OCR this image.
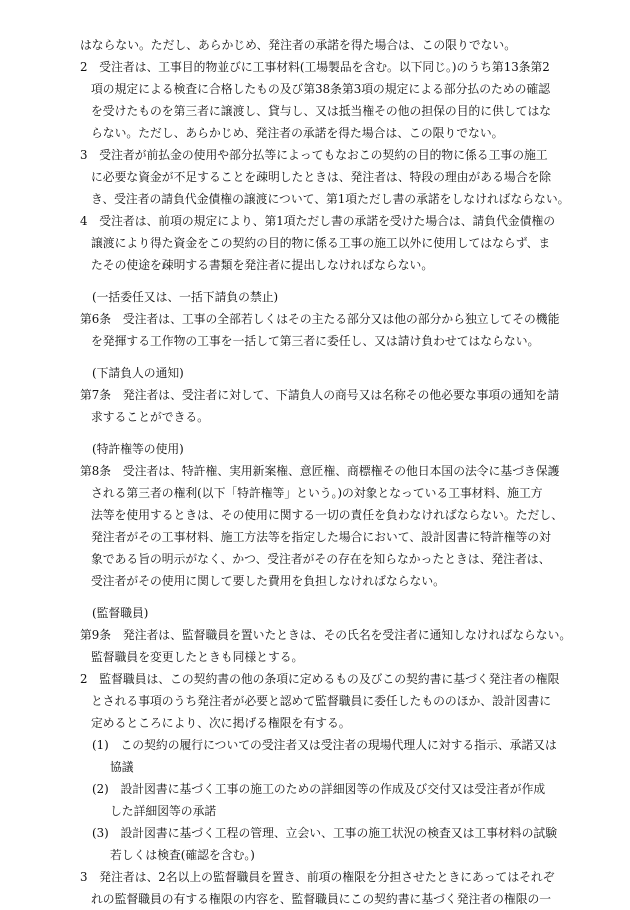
はならない。ただし、あらかじめ、発注者の承諾を得た場合は、この限りでない。
2　受注者は、工事目的物並びに工事材料(工場製品を含む。以下同じ。)のうち第13条第2
項の規定による検査に合格したもの及び第38条第3項の規定による部分払のための確認
を受けたものを第三者に譲渡し、貸与し、又は抵当権その他の担保の目的に供してはな
らない。ただし、あらかじめ、発注者の承諾を得た場合は、この限りでない。
3　受注者が前払金の使用や部分払等によってもなおこの契約の目的物に係る工事の施工
に必要な資金が不足することを疎明したときは、発注者は、特段の理由がある場合を除
き、受注者の請負代金債権の譲渡について、第1項ただし書の承諾をしなければならない。
4　受注者は、前項の規定により、第1項ただし書の承諾を受けた場合は、請負代金債権の
譲渡により得た資金をこの契約の目的物に係る工事の施工以外に使用してはならず、ま
たその使途を疎明する書類を発注者に提出しなければならない。
(一括委任又は、一括下請負の禁止)
第6条　受注者は、工事の全部若しくはその主たる部分又は他の部分から独立してその機能
を発揮する工作物の工事を一括して第三者に委任し、又は請け負わせてはならない。
(下請負人の通知)
第7条　発注者は、受注者に対して、下請負人の商号又は名称その他必要な事項の通知を請
求することができる。
(特許権等の使用)
第8条　受注者は、特許権、実用新案権、意匠権、商標権その他日本国の法令に基づき保護
される第三者の権利(以下「特許権等」という。)の対象となっている工事材料、施工方
法等を使用するときは、その使用に関する一切の責任を負わなければならない。ただし、
発注者がその工事材料、施工方法等を指定した場合において、設計図書に特許権等の対
象である旨の明示がなく、かつ、受注者がその存在を知らなかったときは、発注者は、
受注者がその使用に関して要した費用を負担しなければならない。
(監督職員)
第9条　発注者は、監督職員を置いたときは、その氏名を受注者に通知しなければならない。
監督職員を変更したときも同様とする。
2　監督職員は、この契約書の他の条項に定めるもの及びこの契約書に基づく発注者の権限
とされる事項のうち発注者が必要と認めて監督職員に委任したもののほか、設計図書に
定めるところにより、次に掲げる権限を有する。
(1)　この契約の履行についての受注者又は受注者の現場代理人に対する指示、承諾又は
協議
(2)　設計図書に基づく工事の施工のための詳細図等の作成及び交付又は受注者が作成
した詳細図等の承諾
(3)　設計図書に基づく工程の管理、立会い、工事の施工状況の検査又は工事材料の試験
若しくは検査(確認を含む。)
3　発注者は、2名以上の監督職員を置き、前項の権限を分担させたときにあってはそれぞ
れの監督職員の有する権限の内容を、監督職員にこの契約書に基づく発注者の権限の一
